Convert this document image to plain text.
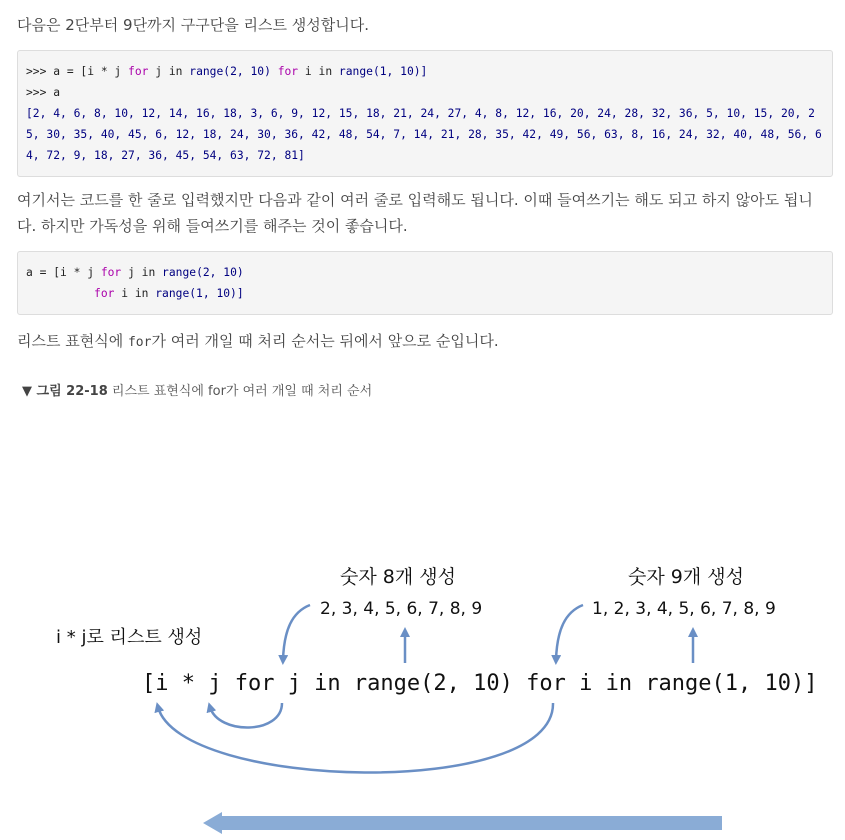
다음은 2단부터 9단까지 구구단을 리스트 생성합니다.

>>> a = [i * j for j in range(2, 10) for i in range(1, 10)]
>>> a
[2, 4, 6, 8, 10, 12, 14, 16, 18, 3, 6, 9, 12, 15, 18, 21, 24, 27, 4, 8, 12, 16, 20, 24, 28, 32, 36, 5, 10, 15, 20, 25, 30, 35, 40, 45, 6, 12, 18, 24, 30, 36, 42, 48, 54, 7, 14, 21, 28, 35, 42, 49, 56, 63, 8, 16, 24, 32, 40, 48, 56, 64, 72, 9, 18, 27, 36, 45, 54, 63, 72, 81]

여기서는 코드를 한 줄로 입력했지만 다음과 같이 여러 줄로 입력해도 됩니다. 이때 들여쓰기는 해도 되고 하지 않아도 됩니다. 하지만 가독성을 위해 들여쓰기를 해주는 것이 좋습니다.

a = [i * j for j in range(2, 10)
for i in range(1, 10)]

리스트 표현식에 for가 여러 개일 때 처리 순서는 뒤에서 앞으로 순입니다.

▼ 그림 22-18 리스트 표현식에 for가 여러 개일 때 처리 순서
숫자 8개 생성	숫자 9개 생성
2, 3, 4, 5, 6, 7, 8, 9	1, 2, 3, 4, 5, 6, 7, 8, 9
i * j로 리스트 생성
[i * j for j in range(2, 10) for i in range(1, 10)]
